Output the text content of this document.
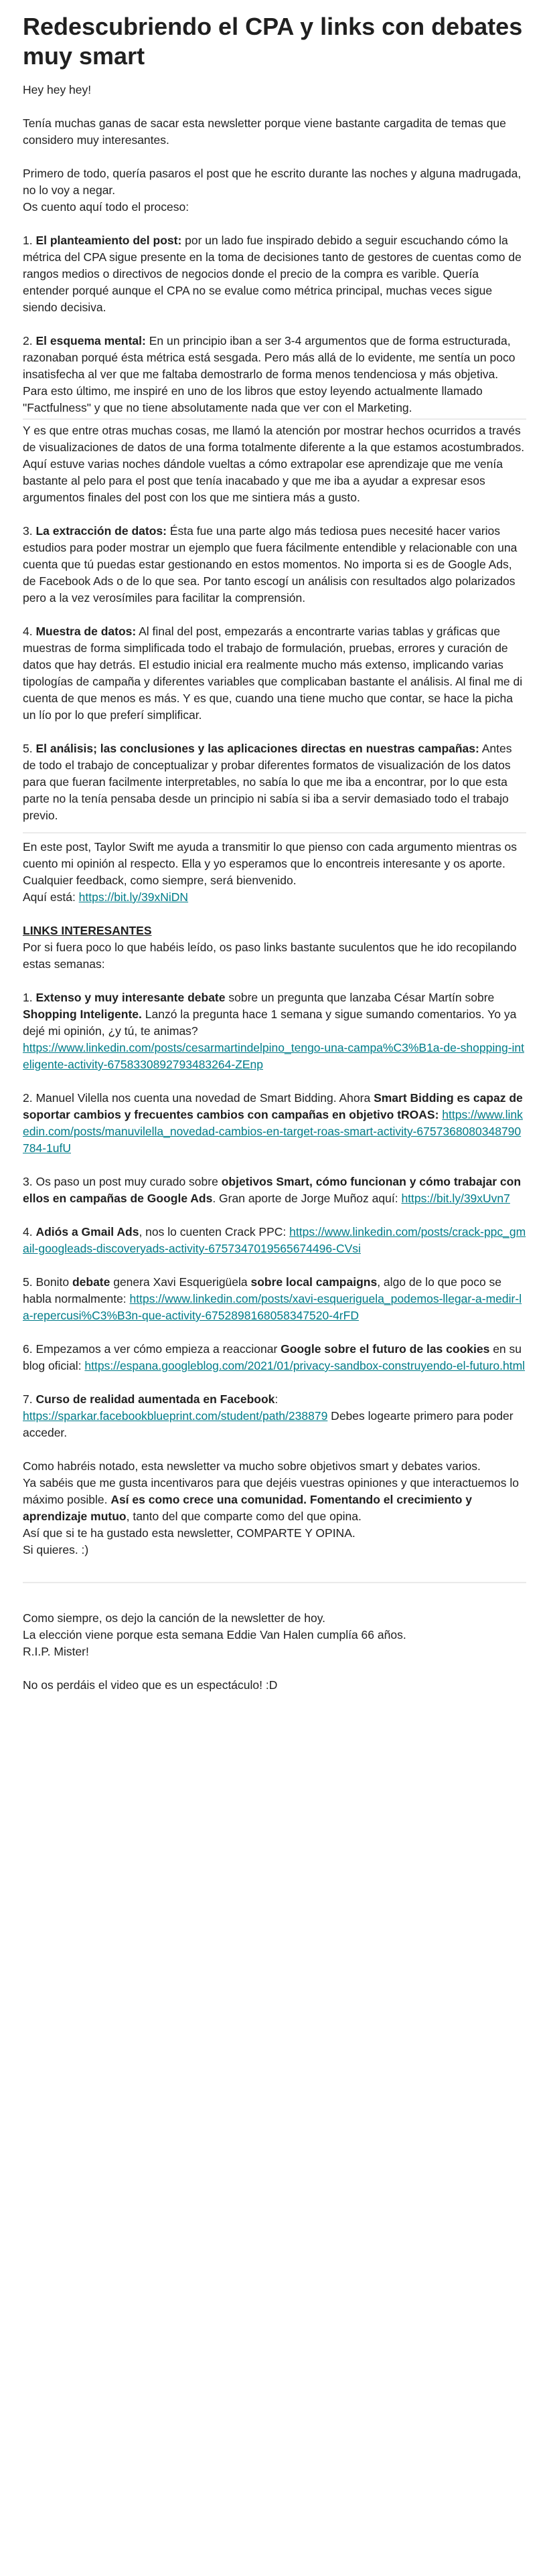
Redescubriendo el CPA y links con debates muy smart

Hey hey hey!

Tenía muchas ganas de sacar esta newsletter porque viene bastante cargadita de temas que considero muy interesantes.

Primero de todo, quería pasaros el post que he escrito durante las noches y alguna madrugada, no lo voy a negar.
Os cuento aquí todo el proceso:

1. El planteamiento del post: por un lado fue inspirado debido a seguir escuchando cómo la métrica del CPA sigue presente en la toma de decisiones tanto de gestores de cuentas como de rangos medios o directivos de negocios donde el precio de la compra es varible. Quería entender porqué aunque el CPA no se evalue como métrica principal, muchas veces sigue siendo decisiva.

2. El esquema mental: En un principio iban a ser 3-4 argumentos que de forma estructurada, razonaban porqué ésta métrica está sesgada. Pero más allá de lo evidente, me sentía un poco insatisfecha al ver que me faltaba demostrarlo de forma menos tendenciosa y más objetiva.
Para esto último, me inspiré en uno de los libros que estoy leyendo actualmente llamado "Factfulness" y que no tiene absolutamente nada que ver con el Marketing.

Y es que entre otras muchas cosas, me llamó la atención por mostrar hechos ocurridos a través de visualizaciones de datos de una forma totalmente diferente a la que estamos acostumbrados.
Aquí estuve varias noches dándole vueltas a cómo extrapolar ese aprendizaje que me venía bastante al pelo para el post que tenía inacabado y que me iba a ayudar a expresar esos argumentos finales del post con los que me sintiera más a gusto.

3. La extracción de datos: Ésta fue una parte algo más tediosa pues necesité hacer varios estudios para poder mostrar un ejemplo que fuera fácilmente entendible y relacionable con una cuenta que tú puedas estar gestionando en estos momentos. No importa si es de Google Ads, de Facebook Ads o de lo que sea. Por tanto escogí un análisis con resultados algo polarizados pero a la vez verosímiles para facilitar la comprensión.

4. Muestra de datos: Al final del post, empezarás a encontrarte varias tablas y gráficas que muestras de forma simplificada todo el trabajo de formulación, pruebas, errores y curación de datos que hay detrás. El estudio inicial era realmente mucho más extenso, implicando varias tipologías de campaña y diferentes variables que complicaban bastante el análisis. Al final me di cuenta de que menos es más. Y es que, cuando una tiene mucho que contar, se hace la picha un lío por lo que preferí simplificar.

5. El análisis; las conclusiones y las aplicaciones directas en nuestras campañas: Antes de todo el trabajo de conceptualizar y probar diferentes formatos de visualización de los datos para que fueran facilmente interpretables, no sabía lo que me iba a encontrar, por lo que esta parte no la tenía pensaba desde un principio ni sabía si iba a servir demasiado todo el trabajo previo.

En este post, Taylor Swift me ayuda a transmitir lo que pienso con cada argumento mientras os cuento mi opinión al respecto. Ella y yo esperamos que lo encontreis interesante y os aporte. Cualquier feedback, como siempre, será bienvenido.
Aquí está: https://bit.ly/39xNiDN

LINKS INTERESANTES
Por si fuera poco lo que habéis leído, os paso links bastante suculentos que he ido recopilando estas semanas:

1. Extenso y muy interesante debate sobre un pregunta que lanzaba César Martín sobre Shopping Inteligente. Lanzó la pregunta hace 1 semana y sigue sumando comentarios. Yo ya dejé mi opinión, ¿y tú, te animas?
https://www.linkedin.com/posts/cesarmartindelpino_tengo-una-campa%C3%B1a-de-shopping-inteligente-activity-6758330892793483264-ZEnp

2. Manuel Vilella nos cuenta una novedad de Smart Bidding. Ahora Smart Bidding es capaz de soportar cambios y frecuentes cambios con campañas en objetivo tROAS: https://www.linkedin.com/posts/manuvilella_novedad-cambios-en-target-roas-smart-activity-6757368080348790784-1ufU

3. Os paso un post muy curado sobre objetivos Smart, cómo funcionan y cómo trabajar con ellos en campañas de Google Ads. Gran aporte de Jorge Muñoz aquí: https://bit.ly/39xUvn7

4. Adiós a Gmail Ads, nos lo cuenten Crack PPC: https://www.linkedin.com/posts/crack-ppc_gmail-googleads-discoveryads-activity-6757347019565674496-CVsi

5. Bonito debate genera Xavi Esquerigüela sobre local campaigns, algo de lo que poco se habla normalmente: https://www.linkedin.com/posts/xavi-esqueriguela_podemos-llegar-a-medir-la-repercusi%C3%B3n-que-activity-6752898168058347520-4rFD

6. Empezamos a ver cómo empieza a reaccionar Google sobre el futuro de las cookies en su blog oficial: https://espana.googleblog.com/2021/01/privacy-sandbox-construyendo-el-futuro.html

7. Curso de realidad aumentada en Facebook:
https://sparkar.facebookblueprint.com/student/path/238879 Debes logearte primero para poder acceder.

Como habréis notado, esta newsletter va mucho sobre objetivos smart y debates varios.
Ya sabéis que me gusta incentivaros para que dejéis vuestras opiniones y que interactuemos lo máximo posible. Así es como crece una comunidad. Fomentando el crecimiento y aprendizaje mutuo, tanto del que comparte como del que opina.
Así que si te ha gustado esta newsletter, COMPARTE Y OPINA.
Si quieres. :)

Como siempre, os dejo la canción de la newsletter de hoy.
La elección viene porque esta semana Eddie Van Halen cumplía 66 años.
R.I.P. Mister!

No os perdáis el video que es un espectáculo! :D
